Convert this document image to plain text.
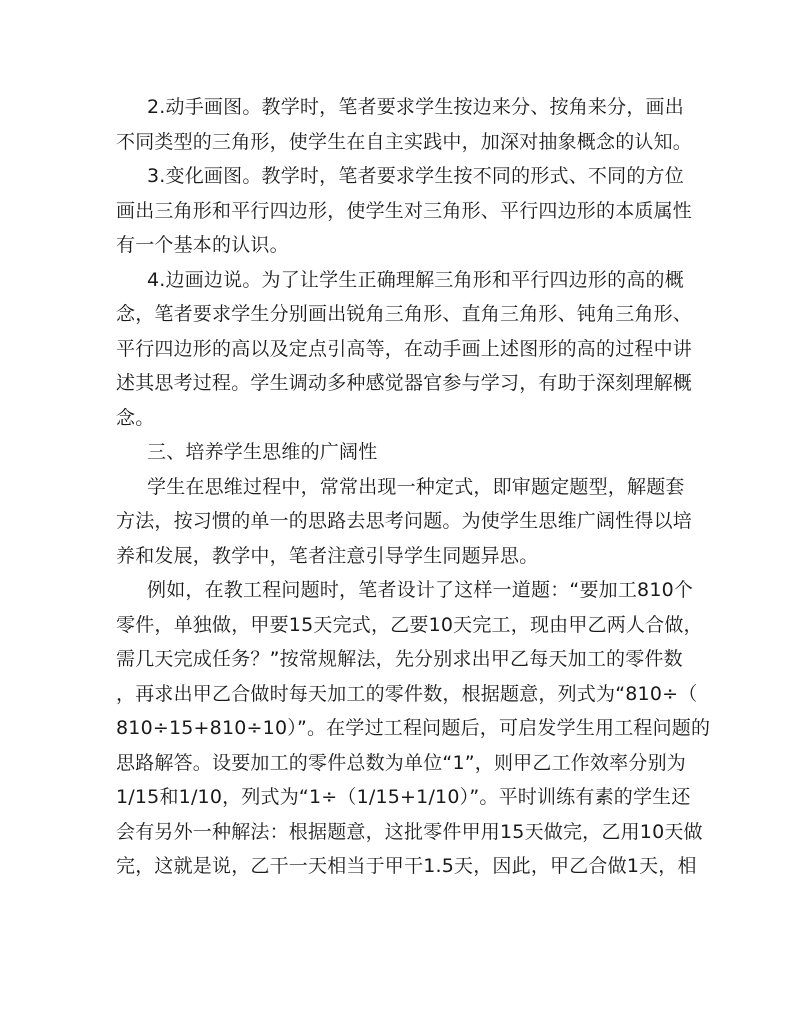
2.动手画图。教学时，笔者要求学生按边来分、按角来分，画出
不同类型的三角形，使学生在自主实践中，加深对抽象概念的认知。
3.变化画图。教学时，笔者要求学生按不同的形式、不同的方位
画出三角形和平行四边形，使学生对三角形、平行四边形的本质属性
有一个基本的认识。
4.边画边说。为了让学生正确理解三角形和平行四边形的高的概
念，笔者要求学生分别画出锐角三角形、直角三角形、钝角三角形、
平行四边形的高以及定点引高等，在动手画上述图形的高的过程中讲
述其思考过程。学生调动多种感觉器官参与学习，有助于深刻理解概
念。
三、培养学生思维的广阔性
学生在思维过程中，常常出现一种定式，即审题定题型，解题套
方法，按习惯的单一的思路去思考问题。为使学生思维广阔性得以培
养和发展，教学中，笔者注意引导学生同题异思。
例如，在教工程问题时，笔者设计了这样一道题：“要加工810个
零件，单独做，甲要15天完式，乙要10天完工，现由甲乙两人合做，
需几天完成任务？”按常规解法，先分别求出甲乙每天加工的零件数
，再求出甲乙合做时每天加工的零件数，根据题意，列式为“810÷（
810÷15+810÷10）”。在学过工程问题后，可启发学生用工程问题的
思路解答。设要加工的零件总数为单位“1”，则甲乙工作效率分别为
1/15和1/10，列式为“1÷（1/15+1/10）”。平时训练有素的学生还
会有另外一种解法：根据题意，这批零件甲用15天做完，乙用10天做
完，这就是说，乙干一天相当于甲干1.5天，因此，甲乙合做1天，相
